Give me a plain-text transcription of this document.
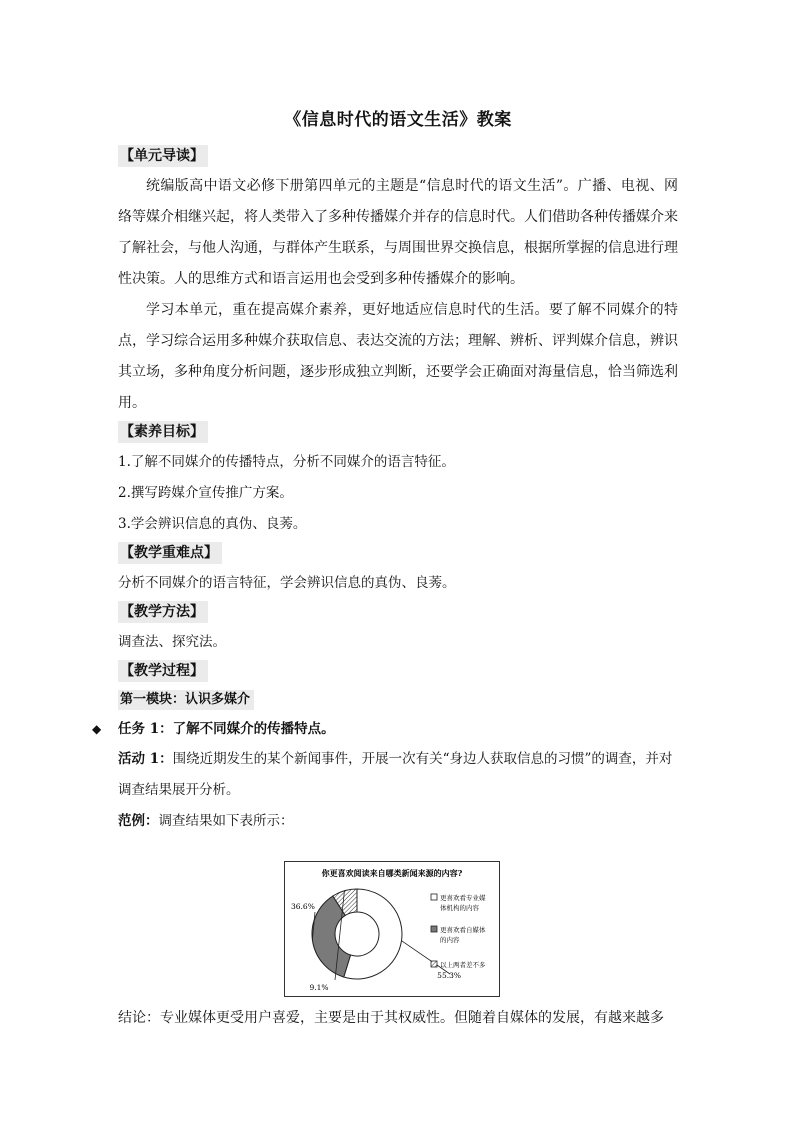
《信息时代的语文生活》教案
【单元导读】

统编版高中语文必修下册第四单元的主题是“信息时代的语文生活”。广播、电视、网络等媒介相继兴起，将人类带入了多种传播媒介并存的信息时代。人们借助各种传播媒介来了解社会，与他人沟通，与群体产生联系，与周围世界交换信息，根据所掌握的信息进行理性决策。人的思维方式和语言运用也会受到多种传播媒介的影响。

学习本单元，重在提高媒介素养，更好地适应信息时代的生活。要了解不同媒介的特点，学习综合运用多种媒介获取信息、表达交流的方法；理解、辨析、评判媒介信息，辨识其立场，多种角度分析问题，逐步形成独立判断，还要学会正确面对海量信息，恰当筛选利用。

【素养目标】

1.了解不同媒介的传播特点，分析不同媒介的语言特征。

2.撰写跨媒介宣传推广方案。

3.学会辨识信息的真伪、良莠。

【教学重难点】

分析不同媒介的语言特征，学会辨识信息的真伪、良莠。

【教学方法】

调查法、探究法。

【教学过程】
第一模块：认识多媒介
◆ 任务 1：了解不同媒介的传播特点。

活动 1：围绕近期发生的某个新闻事件，开展一次有关“身边人获取信息的习惯”的调查，并对调查结果展开分析。

范例：调查结果如下表所示：

你更喜欢阅读来自哪类新闻来源的内容?
55.3%
36.6%
9.1%
更喜欢看专业媒
体机构的内容
更喜欢看自媒体
的内容
以上两者差不多
结论：专业媒体更受用户喜爱，主要是由于其权威性。但随着自媒体的发展，有越来越多
